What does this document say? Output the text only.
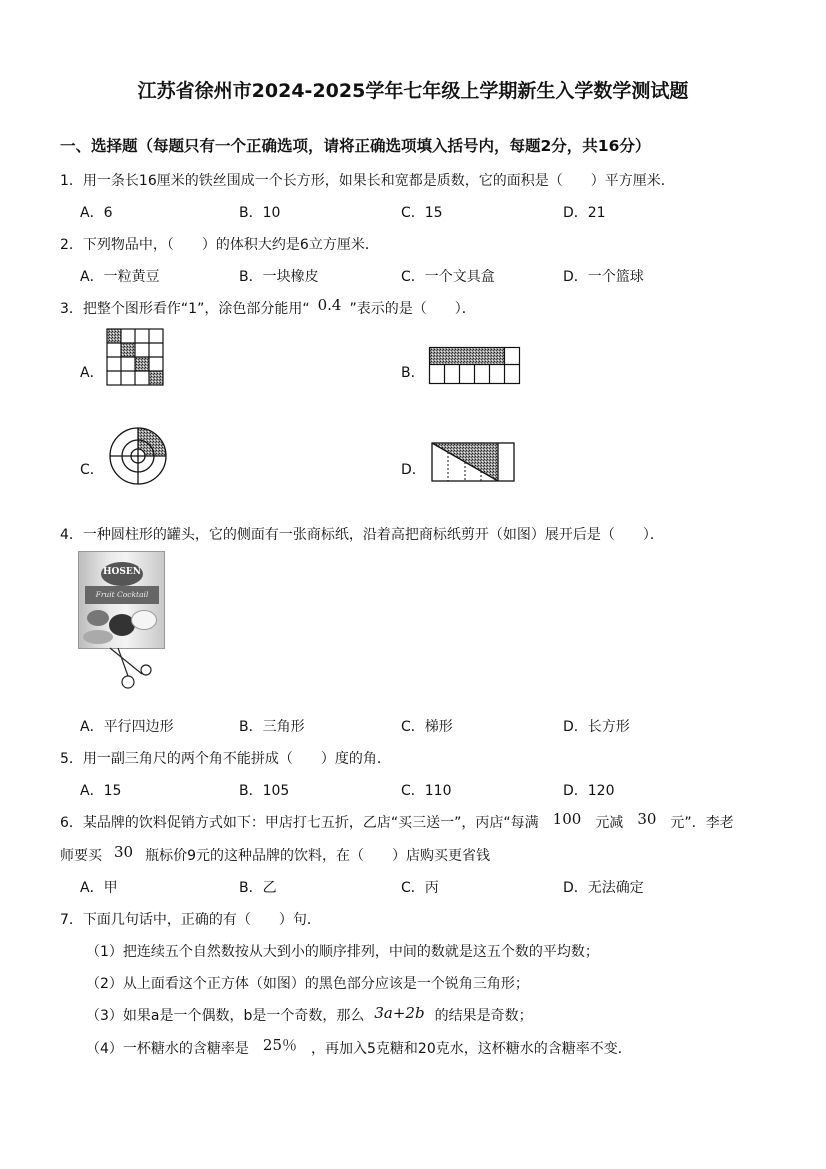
江苏省徐州市2024-2025学年七年级上学期新生入学数学测试题
一、选择题（每题只有一个正确选项，请将正确选项填入括号内，每题2分，共16分）
1．用一条长16厘米的铁丝围成一个长方形，如果长和宽都是质数，它的面积是（　　）平方厘米．
A．6	B．10	C．15	D．21
2．下列物品中，（　　）的体积大约是6立方厘米．
A．一粒黄豆	B．一块橡皮	C．一个文具盒	D．一个篮球
3．把整个图形看作“1”，涂色部分能用“ 0.4 ”表示的是（　　）．
A．	B．
C．	D．
4．一种圆柱形的罐头，它的侧面有一张商标纸，沿着高把商标纸剪开（如图）展开后是（　　）．
HOSEN
Fruit Cocktail
A．平行四边形	B．三角形	C．梯形	D．长方形
5．用一副三角尺的两个角不能拼成（　　）度的角．
A．15	B．105	C．110	D．120
6．某品牌的饮料促销方式如下：甲店打七五折，乙店“买三送一”，丙店“每满 100 元减 30 元”．李老
师要买 30 瓶标价9元的这种品牌的饮料，在（　　）店购买更省钱
A．甲	B．乙	C．丙	D．无法确定
7．下面几句话中，正确的有（　　）句．
（1）把连续五个自然数按从大到小的顺序排列，中间的数就是这五个数的平均数；
（2）从上面看这个正方体（如图）的黑色部分应该是一个锐角三角形；
（3）如果a是一个偶数，b是一个奇数，那么 3a+2b 的结果是奇数；
（4）一杯糖水的含糖率是 25％ ，再加入5克糖和20克水，这杯糖水的含糖率不变．
